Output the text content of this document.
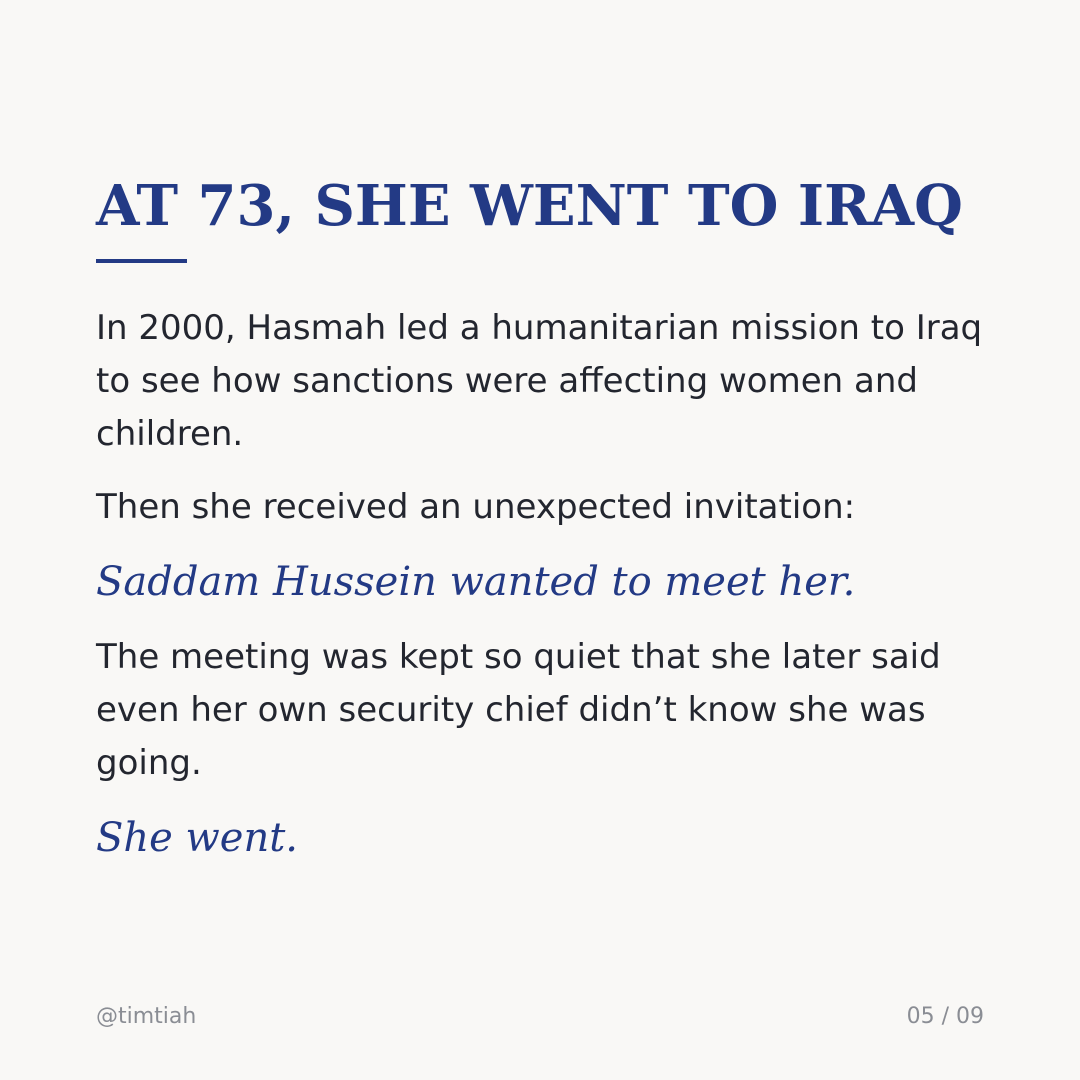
AT 73, SHE WENT TO IRAQ

In 2000, Hasmah led a humanitarian mission to Iraq to see how sanctions were affecting women and children.

Then she received an unexpected invitation:

Saddam Hussein wanted to meet her.

The meeting was kept so quiet that she later said even her own security chief didn’t know she was going.

She went.

@timtiah	05 / 09
